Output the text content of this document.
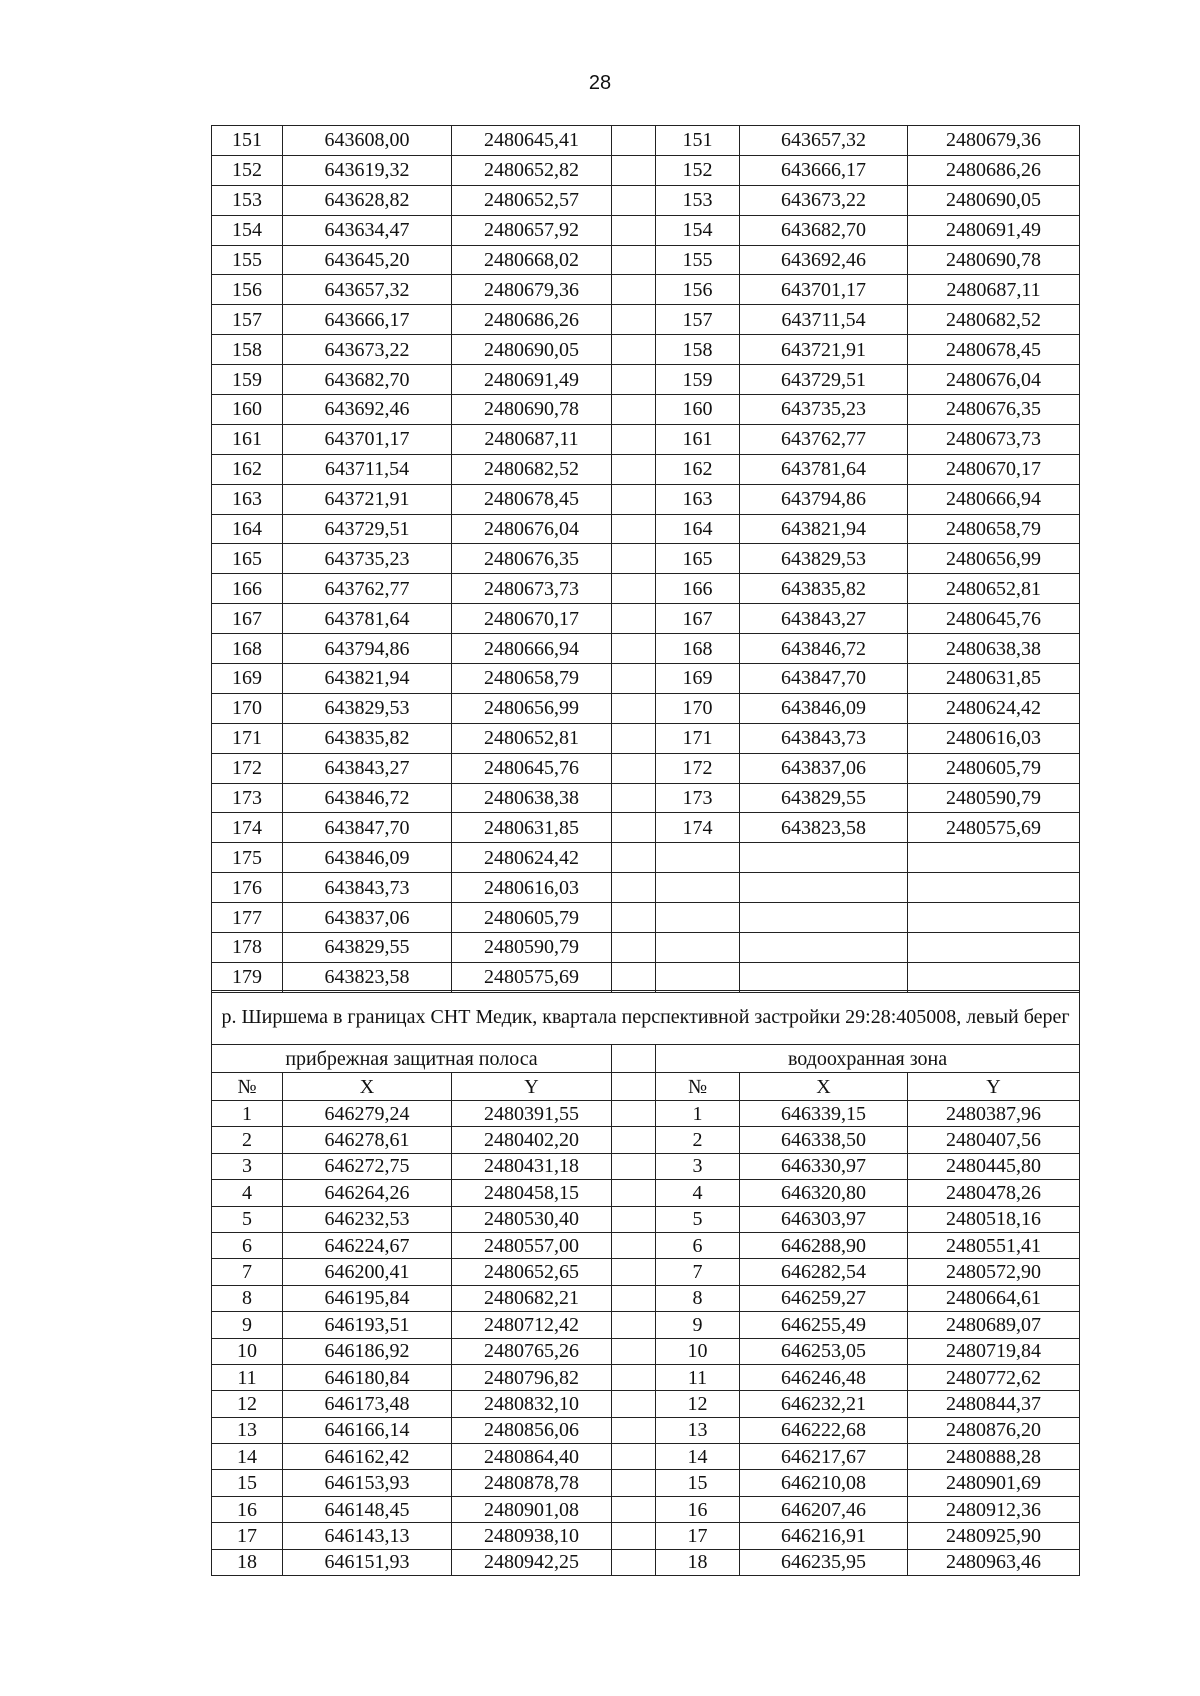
28
151	643608,00	2480645,41		151	643657,32	2480679,36
152	643619,32	2480652,82		152	643666,17	2480686,26
153	643628,82	2480652,57		153	643673,22	2480690,05
154	643634,47	2480657,92		154	643682,70	2480691,49
155	643645,20	2480668,02		155	643692,46	2480690,78
156	643657,32	2480679,36		156	643701,17	2480687,11
157	643666,17	2480686,26		157	643711,54	2480682,52
158	643673,22	2480690,05		158	643721,91	2480678,45
159	643682,70	2480691,49		159	643729,51	2480676,04
160	643692,46	2480690,78		160	643735,23	2480676,35
161	643701,17	2480687,11		161	643762,77	2480673,73
162	643711,54	2480682,52		162	643781,64	2480670,17
163	643721,91	2480678,45		163	643794,86	2480666,94
164	643729,51	2480676,04		164	643821,94	2480658,79
165	643735,23	2480676,35		165	643829,53	2480656,99
166	643762,77	2480673,73		166	643835,82	2480652,81
167	643781,64	2480670,17		167	643843,27	2480645,76
168	643794,86	2480666,94		168	643846,72	2480638,38
169	643821,94	2480658,79		169	643847,70	2480631,85
170	643829,53	2480656,99		170	643846,09	2480624,42
171	643835,82	2480652,81		171	643843,73	2480616,03
172	643843,27	2480645,76		172	643837,06	2480605,79
173	643846,72	2480638,38		173	643829,55	2480590,79
174	643847,70	2480631,85		174	643823,58	2480575,69
175	643846,09	2480624,42				
176	643843,73	2480616,03				
177	643837,06	2480605,79				
178	643829,55	2480590,79				
179	643823,58	2480575,69				
р. Ширшема в границах СНТ Медик, квартала перспективной застройки 29:28:405008, левый берег						
прибрежная защитная полоса				водоохранная зона		
№	X	Y		№	X	Y
1	646279,24	2480391,55		1	646339,15	2480387,96
2	646278,61	2480402,20		2	646338,50	2480407,56
3	646272,75	2480431,18		3	646330,97	2480445,80
4	646264,26	2480458,15		4	646320,80	2480478,26
5	646232,53	2480530,40		5	646303,97	2480518,16
6	646224,67	2480557,00		6	646288,90	2480551,41
7	646200,41	2480652,65		7	646282,54	2480572,90
8	646195,84	2480682,21		8	646259,27	2480664,61
9	646193,51	2480712,42		9	646255,49	2480689,07
10	646186,92	2480765,26		10	646253,05	2480719,84
11	646180,84	2480796,82		11	646246,48	2480772,62
12	646173,48	2480832,10		12	646232,21	2480844,37
13	646166,14	2480856,06		13	646222,68	2480876,20
14	646162,42	2480864,40		14	646217,67	2480888,28
15	646153,93	2480878,78		15	646210,08	2480901,69
16	646148,45	2480901,08		16	646207,46	2480912,36
17	646143,13	2480938,10		17	646216,91	2480925,90
18	646151,93	2480942,25		18	646235,95	2480963,46
